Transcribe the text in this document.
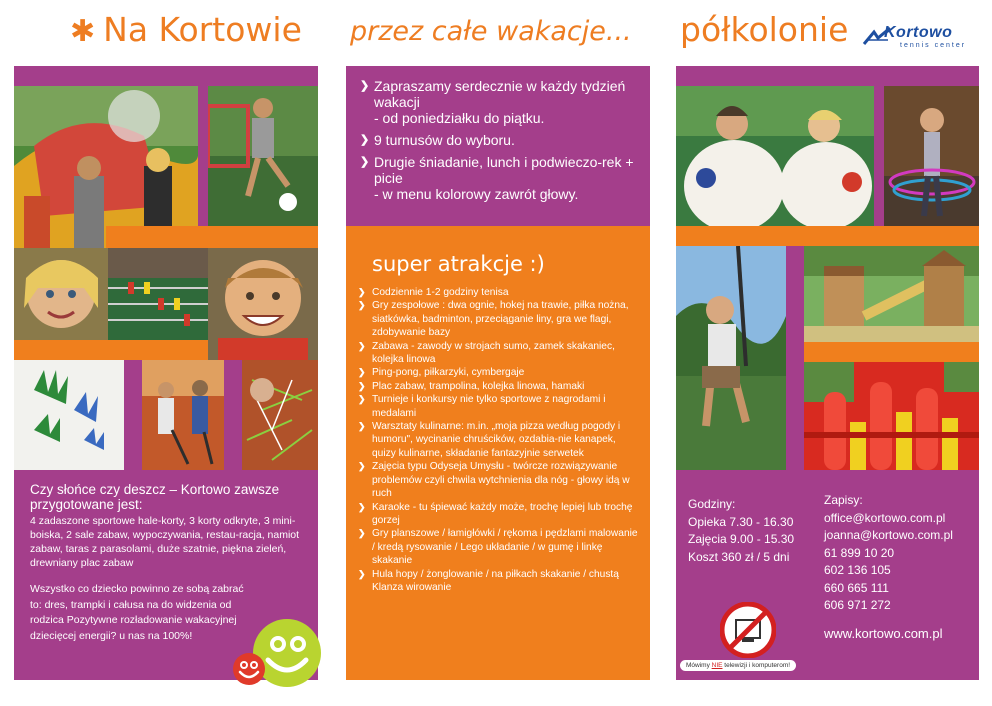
✱ Na Kortowie przez całe wakacje... półkolonie Kortowo
tennis center
Czy słońce czy deszcz – Kortowo zawsze przygotowane jest:
4 zadaszone sportowe hale-korty, 3 korty odkryte, 3 mini-boiska, 2 sale zabaw, wypoczywania, restau-racja, namiot zabaw, taras z parasolami, duże szatnie, piękna zieleń, drewniany plac zabaw
Wszystko co dziecko powinno ze sobą zabrać to: dres, trampki i całusa na do widzenia od rodzica Pozytywne rozładowanie wakacyjnej dziecięcej energii? u nas na 100%!
❯ Zapraszamy serdecznie w każdy tydzień wakacji
- od poniedziałku do piątku.
❯ 9 turnusów do wyboru.
❯ Drugie śniadanie, lunch i podwieczo-rek + picie
- w menu kolorowy zawrót głowy.
super atrakcje :)
❯ Codziennie 1-2 godziny tenisa
❯ Gry zespołowe : dwa ognie, hokej na trawie, piłka nożna, siatkówka, badminton, przeciąganie liny, gra we flagi, zdobywanie bazy
❯ Zabawa - zawody w strojach sumo, zamek skakaniec, kolejka linowa
❯ Ping-pong, piłkarzyki, cymbergaje
❯ Plac zabaw, trampolina, kolejka linowa, hamaki
❯ Turnieje i konkursy nie tylko sportowe z nagrodami i medalami
❯ Warsztaty kulinarne: m.in. „moja pizza według pogody i humoru", wycinanie chruścików, ozdabia-nie kanapek, quizy kulinarne, składanie fantazyjnie serwetek
❯ Zajęcia typu Odyseja Umysłu - twórcze rozwiązywanie problemów czyli chwila wytchnienia dla nóg - głowy idą w ruch
❯ Karaoke - tu śpiewać każdy może, trochę lepiej lub trochę gorzej
❯ Gry planszowe / łamigłówki / rękoma i pędzlami malowanie / kredą rysowanie / Lego układanie / w gumę i linkę skakanie
❯ Hula hopy / żonglowanie / na piłkach skakanie / chustą Klanza wirowanie
Godziny:
Opieka 7.30 - 16.30
Zajęcia 9.00 - 15.30
Koszt 360 zł / 5 dni
Zapisy:
office@kortowo.com.pl
joanna@kortowo.com.pl
61 899 10 20
602 136 105
660 665 111
606 971 272
www.kortowo.com.pl
Mówimy NIE telewizji i komputerom!
